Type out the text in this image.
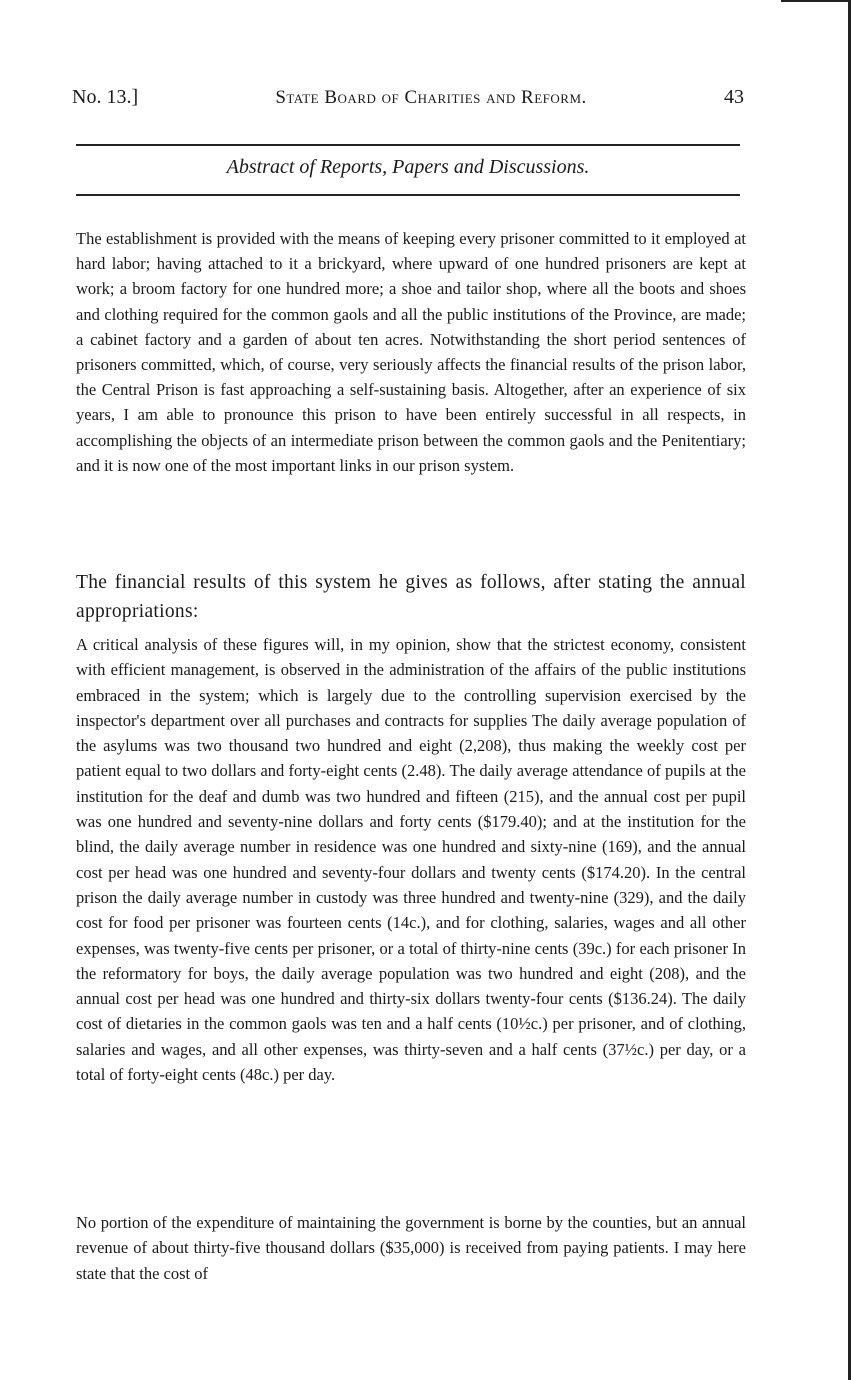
No. 13.]	State Board of Charities and Reform.	43
Abstract of Reports, Papers and Discussions.
The establishment is provided with the means of keeping every prisoner committed to it employed at hard labor; having attached to it a brickyard, where upward of one hundred prisoners are kept at work; a broom factory for one hundred more; a shoe and tailor shop, where all the boots and shoes and clothing required for the common gaols and all the public institutions of the Province, are made; a cabinet factory and a garden of about ten acres. Notwithstanding the short period sentences of prisoners committed, which, of course, very seriously affects the financial results of the prison labor, the Central Prison is fast approaching a self-sustaining basis. Altogether, after an experience of six years, I am able to pronounce this prison to have been entirely successful in all respects, in accomplishing the objects of an intermediate prison between the common gaols and the Penitentiary; and it is now one of the most important links in our prison system.
The financial results of this system he gives as follows, after stating the annual appropriations:
A critical analysis of these figures will, in my opinion, show that the strictest economy, consistent with efficient management, is observed in the administration of the affairs of the public institutions embraced in the system; which is largely due to the controlling supervision exercised by the inspector's department over all purchases and contracts for supplies The daily average population of the asylums was two thousand two hundred and eight (2,208), thus making the weekly cost per patient equal to two dollars and forty-eight cents (2.48). The daily average attendance of pupils at the institution for the deaf and dumb was two hundred and fifteen (215), and the annual cost per pupil was one hundred and seventy-nine dollars and forty cents ($179.40); and at the institution for the blind, the daily average number in residence was one hundred and sixty-nine (169), and the annual cost per head was one hundred and seventy-four dollars and twenty cents ($174.20). In the central prison the daily average number in custody was three hundred and twenty-nine (329), and the daily cost for food per prisoner was fourteen cents (14c.), and for clothing, salaries, wages and all other expenses, was twenty-five cents per prisoner, or a total of thirty-nine cents (39c.) for each prisoner In the reformatory for boys, the daily average population was two hundred and eight (208), and the annual cost per head was one hundred and thirty-six dollars twenty-four cents ($136.24). The daily cost of dietaries in the common gaols was ten and a half cents (10½c.) per prisoner, and of clothing, salaries and wages, and all other expenses, was thirty-seven and a half cents (37½c.) per day, or a total of forty-eight cents (48c.) per day.
No portion of the expenditure of maintaining the government is borne by the counties, but an annual revenue of about thirty-five thousand dollars ($35,000) is received from paying patients. I may here state that the cost of
